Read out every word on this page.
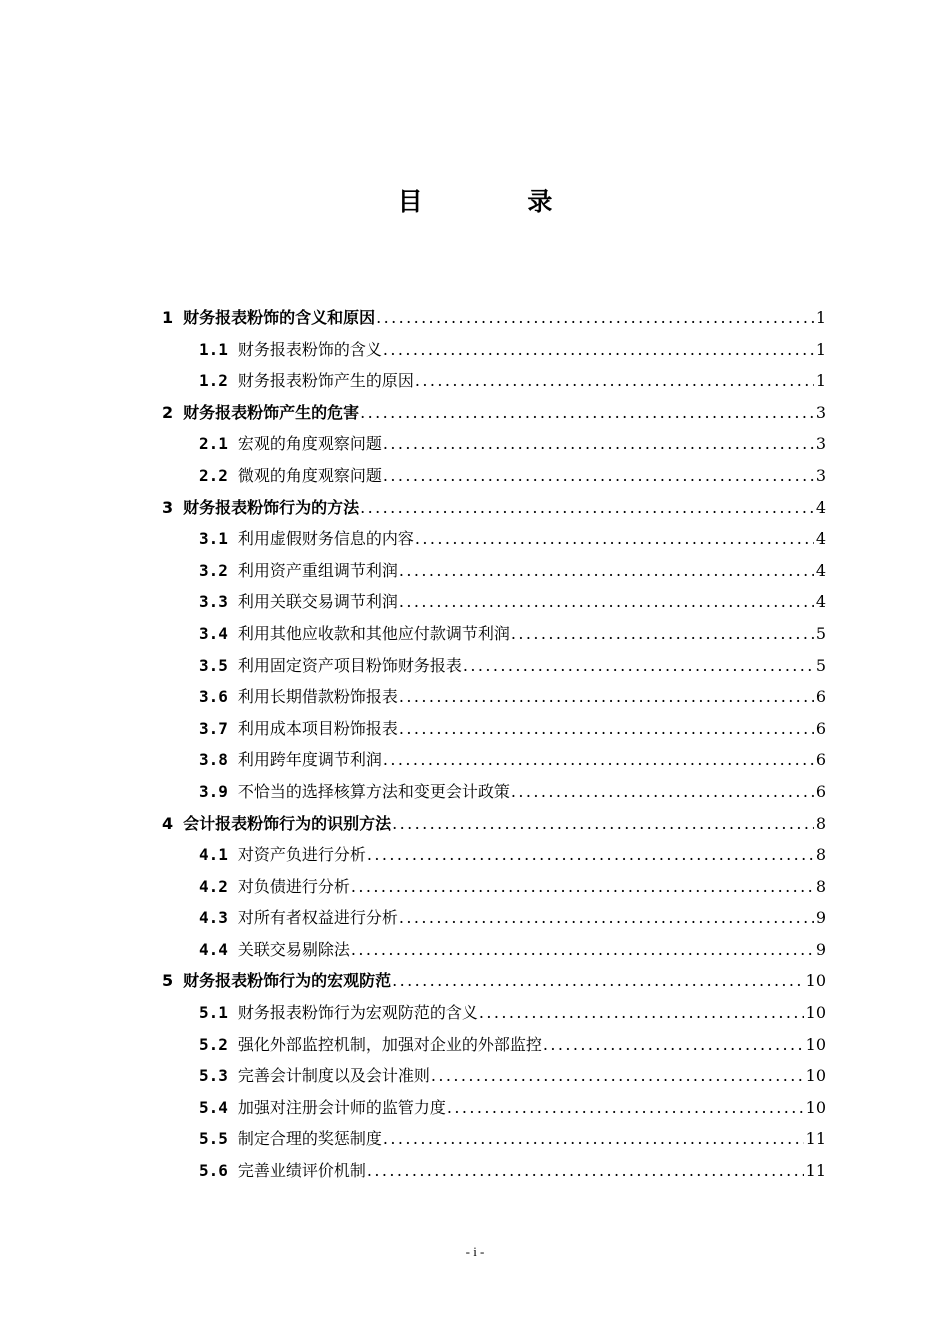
目 录
1 财务报表粉饰的含义和原因 .....	1
1.1 财务报表粉饰的含义 .....	1
1.2 财务报表粉饰产生的原因 .....	1
2 财务报表粉饰产生的危害 .....	3
2.1 宏观的角度观察问题 .....	3
2.2 微观的角度观察问题 .....	3
3 财务报表粉饰行为的方法 .....	4
3.1 利用虚假财务信息的内容 .....	4
3.2 利用资产重组调节利润 .....	4
3.3 利用关联交易调节利润 .....	4
3.4 利用其他应收款和其他应付款调节利润 .....	5
3.5 利用固定资产项目粉饰财务报表 .....	5
3.6 利用长期借款粉饰报表 .....	6
3.7 利用成本项目粉饰报表 .....	6
3.8 利用跨年度调节利润 .....	6
3.9 不恰当的选择核算方法和变更会计政策 .....	6
4 会计报表粉饰行为的识别方法 .....	8
4.1 对资产负进行分析 .....	8
4.2 对负债进行分析 .....	8
4.3 对所有者权益进行分析 .....	9
4.4 关联交易剔除法 .....	9
5 财务报表粉饰行为的宏观防范 .....	10
5.1 财务报表粉饰行为宏观防范的含义 .....	10
5.2 强化外部监控机制，加强对企业的外部监控 .....	10
5.3 完善会计制度以及会计准则 .....	10
5.4 加强对注册会计师的监管力度 .....	10
5.5 制定合理的奖惩制度 .....	11
5.6 完善业绩评价机制 .....	11
- i -
